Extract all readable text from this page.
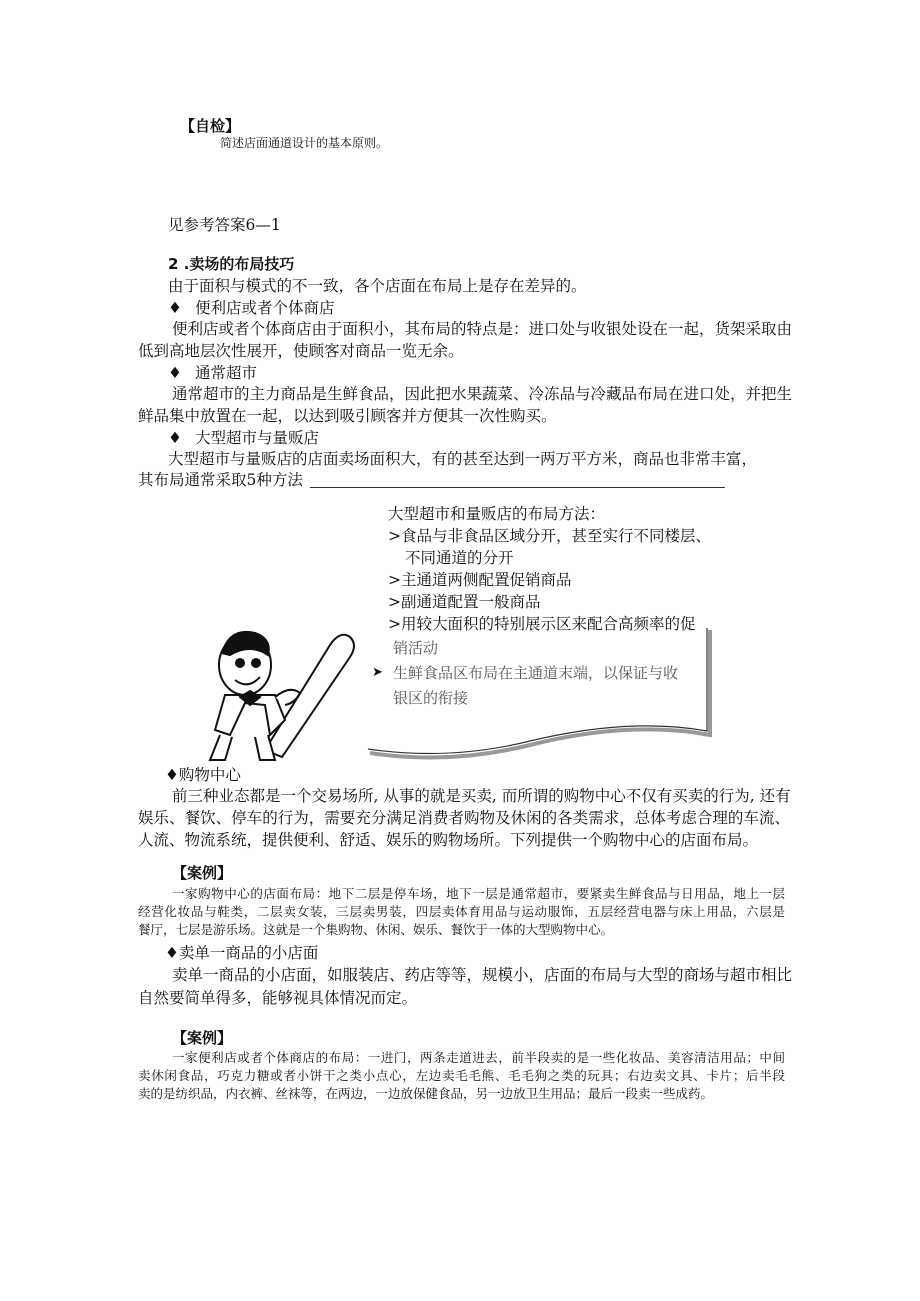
【自检】
简述店面通道设计的基本原则。
见参考答案6—1
2 .卖场的布局技巧
由于面积与模式的不一致，各个店面在布局上是存在差异的。
♦ 便利店或者个体商店
便利店或者个体商店由于面积小，其布局的特点是：进口处与收银处设在一起，货架采取由
低到高地层次性展开，使顾客对商品一览无余。
♦ 通常超市
通常超市的主力商品是生鲜食品，因此把水果蔬菜、冷冻品与冷藏品布局在进口处，并把生
鲜品集中放置在一起，以达到吸引顾客并方便其一次性购买。
♦ 大型超市与量贩店
大型超市与量贩店的店面卖场面积大，有的甚至达到一两万平方米，商品也非常丰富，
其布局通常采取5种方法
大型超市和量贩店的布局方法：
>食品与非食品区域分开，甚至实行不同楼层、
不同通道的分开
>主通道两侧配置促销商品
>副通道配置一般商品
>用较大面积的特别展示区来配合高频率的促
销活动
➤ 生鲜食品区布局在主通道末端，以保证与收
银区的衔接
♦购物中心
前三种业态都是一个交易场所, 从事的就是买卖, 而所谓的购物中心不仅有买卖的行为, 还有
娱乐、餐饮、停车的行为，需要充分满足消费者购物及休闲的各类需求，总体考虑合理的车流、
人流、物流系统，提供便利、舒适、娱乐的购物场所。下列提供一个购物中心的店面布局。
【案例】
一家购物中心的店面布局：地下二层是停车场，地下一层是通常超市，要紧卖生鲜食品与日用品，地上一层
经营化妆品与鞋类，二层卖女装，三层卖男装，四层卖体育用品与运动服饰，五层经营电器与床上用品，六层是
餐厅，七层是游乐场。这就是一个集购物、休闲、娱乐、餐饮于一体的大型购物中心。
♦卖单一商品的小店面
卖单一商品的小店面，如服装店、药店等等，规模小，店面的布局与大型的商场与超市相比
自然要简单得多，能够视具体情况而定。
【案例】
一家便利店或者个体商店的布局：一进门，两条走道进去，前半段卖的是一些化妆品、美容清洁用品；中间
卖休闲食品，巧克力糖或者小饼干之类小点心，左边卖毛毛熊、毛毛狗之类的玩具；右边卖文具、卡片；后半段
卖的是纺织品，内衣裤、丝袜等，在两边，一边放保健食品，另一边放卫生用品；最后一段卖一些成药。
